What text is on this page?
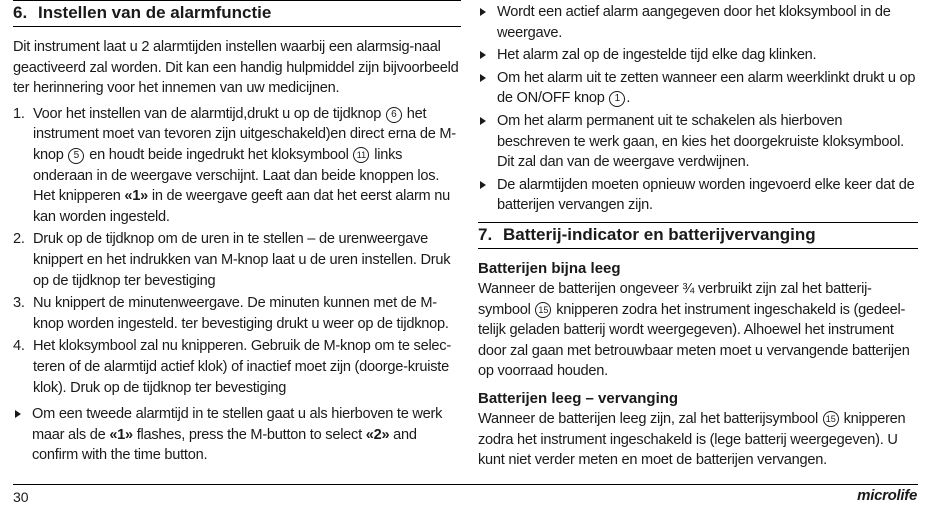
6. Instellen van de alarmfunctie

Dit instrument laat u 2 alarmtijden instellen waarbij een alarmsig-naal geactiveerd zal worden. Dit kan een handig hulpmiddel zijn bijvoorbeeld ter herinnering voor het innemen van uw medicijnen.

1. Voor het instellen van de alarmtijd,drukt u op de tijdknop 6 het instrument moet van tevoren zijn uitgeschakeld)en direct erna de M-knop 5 en houdt beide ingedrukt het kloksymbool 11 links onderaan in de weergave verschijnt. Laat dan beide knoppen los. Het knipperen «1» in de weergave geeft aan dat het eerst alarm nu kan worden ingesteld.
2. Druk op de tijdknop om de uren in te stellen – de urenweergave knippert en het indrukken van M-knop laat u de uren instellen. Druk op de tijdknop ter bevestiging
3. Nu knippert de minutenweergave. De minuten kunnen met de M-knop worden ingesteld. ter bevestiging drukt u weer op de tijdknop.
4. Het kloksymbool zal nu knipperen. Gebruik de M-knop om te selec-teren of de alarmtijd actief klok) of inactief moet zijn (doorge-kruiste klok). Druk op de tijdknop ter bevestiging
Om een tweede alarmtijd in te stellen gaat u als hierboven te werk maar als de «1» flashes, press the M-button to select «2» and confirm with the time button.
Wordt een actief alarm aangegeven door het kloksymbool in de weergave.
Het alarm zal op de ingestelde tijd elke dag klinken.
Om het alarm uit te zetten wanneer een alarm weerklinkt drukt u op de ON/OFF knop 1 .
Om het alarm permanent uit te schakelen als hierboven beschreven te werk gaan, en kies het doorgekruiste kloksymbool. Dit zal dan van de weergave verdwijnen.
De alarmtijden moeten opnieuw worden ingevoerd elke keer dat de batterijen vervangen zijn.
7. Batterij-indicator en batterijvervanging
Batterijen bijna leeg

Wanneer de batterijen ongeveer ¾ verbruikt zijn zal het batterij-symbool 15 knipperen zodra het instrument ingeschakeld is (gedeel-telijk geladen batterij wordt weergegeven). Alhoewel het instrument door zal gaan met betrouwbaar meten moet u vervangende batterijen op voorraad houden.

Batterijen leeg – vervanging

Wanneer de batterijen leeg zijn, zal het batterijsymbool 15 knipperen zodra het instrument ingeschakeld is (lege batterij weergegeven). U kunt niet verder meten en moet de batterijen vervangen.

30	microlife
